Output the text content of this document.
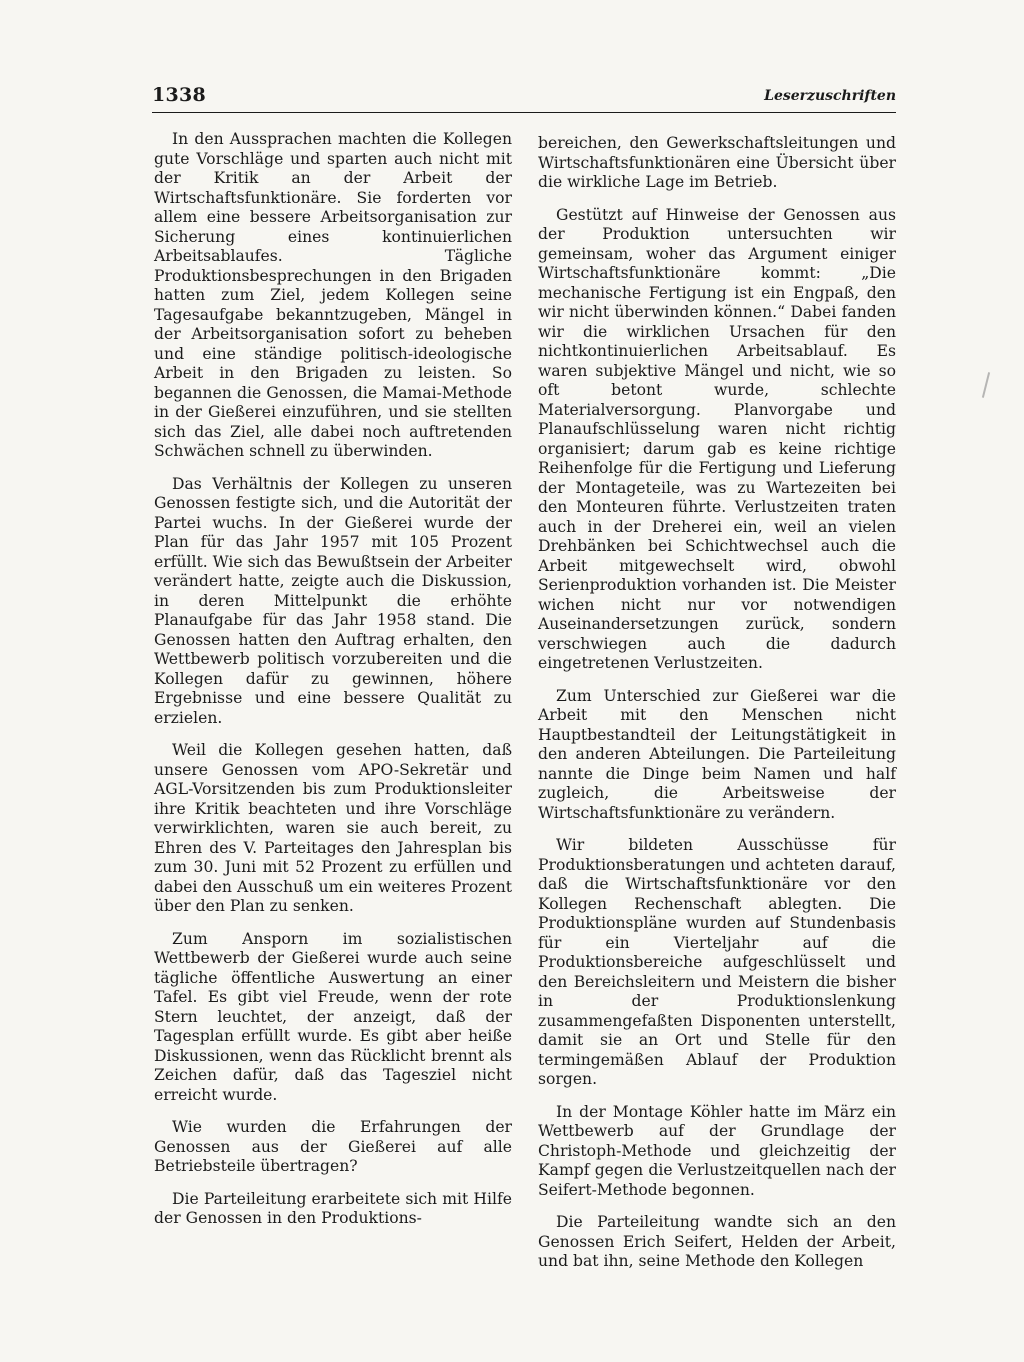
1338	Leserzuschriften

In den Aussprachen machten die Kollegen gute Vorschläge und sparten auch nicht mit der Kritik an der Arbeit der Wirtschaftsfunktionäre. Sie forderten vor allem eine bessere Arbeitsorganisation zur Sicherung eines kontinuierlichen Arbeitsablaufes. Tägliche Produktionsbesprechungen in den Brigaden hatten zum Ziel, jedem Kollegen seine Tagesaufgabe bekanntzugeben, Mängel in der Arbeitsorganisation sofort zu beheben und eine ständige politisch-ideologische Arbeit in den Brigaden zu leisten. So begannen die Genossen, die Mamai-Methode in der Gießerei einzuführen, und sie stellten sich das Ziel, alle dabei noch auftretenden Schwächen schnell zu überwinden.

Das Verhältnis der Kollegen zu unseren Genossen festigte sich, und die Autorität der Partei wuchs. In der Gießerei wurde der Plan für das Jahr 1957 mit 105 Prozent erfüllt. Wie sich das Bewußtsein der Arbeiter verändert hatte, zeigte auch die Diskussion, in deren Mittelpunkt die erhöhte Planaufgabe für das Jahr 1958 stand. Die Genossen hatten den Auftrag erhalten, den Wettbewerb politisch vorzubereiten und die Kollegen dafür zu gewinnen, höhere Ergebnisse und eine bessere Qualität zu erzielen.

Weil die Kollegen gesehen hatten, daß unsere Genossen vom APO-Sekretär und AGL-Vorsitzenden bis zum Produktionsleiter ihre Kritik beachteten und ihre Vorschläge verwirklichten, waren sie auch bereit, zu Ehren des V. Parteitages den Jahresplan bis zum 30. Juni mit 52 Prozent zu erfüllen und dabei den Ausschuß um ein weiteres Prozent über den Plan zu senken.

Zum Ansporn im sozialistischen Wettbewerb der Gießerei wurde auch seine tägliche öffentliche Auswertung an einer Tafel. Es gibt viel Freude, wenn der rote Stern leuchtet, der anzeigt, daß der Tagesplan erfüllt wurde. Es gibt aber heiße Diskussionen, wenn das Rücklicht brennt als Zeichen dafür, daß das Tagesziel nicht erreicht wurde.

Wie wurden die Erfahrungen der Genossen aus der Gießerei auf alle Betriebsteile übertragen?

Die Parteileitung erarbeitete sich mit Hilfe der Genossen in den Produktions-

bereichen, den Gewerkschaftsleitungen und Wirtschaftsfunktionären eine Übersicht über die wirkliche Lage im Betrieb.

Gestützt auf Hinweise der Genossen aus der Produktion untersuchten wir gemeinsam, woher das Argument einiger Wirtschaftsfunktionäre kommt: „Die mechanische Fertigung ist ein Engpaß, den wir nicht überwinden können.“ Dabei fanden wir die wirklichen Ursachen für den nichtkontinuierlichen Arbeitsablauf. Es waren subjektive Mängel und nicht, wie so oft betont wurde, schlechte Materialversorgung. Planvorgabe und Planaufschlüsselung waren nicht richtig organisiert; darum gab es keine richtige Reihenfolge für die Fertigung und Lieferung der Montageteile, was zu Wartezeiten bei den Monteuren führte. Verlustzeiten traten auch in der Dreherei ein, weil an vielen Drehbänken bei Schichtwechsel auch die Arbeit mitgewechselt wird, obwohl Serienproduktion vorhanden ist. Die Meister wichen nicht nur vor notwendigen Auseinandersetzungen zurück, sondern verschwiegen auch die dadurch eingetretenen Verlustzeiten.

Zum Unterschied zur Gießerei war die Arbeit mit den Menschen nicht Hauptbestandteil der Leitungstätigkeit in den anderen Abteilungen. Die Parteileitung nannte die Dinge beim Namen und half zugleich, die Arbeitsweise der Wirtschaftsfunktionäre zu verändern.

Wir bildeten Ausschüsse für Produktionsberatungen und achteten darauf, daß die Wirtschaftsfunktionäre vor den Kollegen Rechenschaft ablegten. Die Produktionspläne wurden auf Stundenbasis für ein Vierteljahr auf die Produktionsbereiche aufgeschlüsselt und den Bereichsleitern und Meistern die bisher in der Produktionslenkung zusammengefaßten Disponenten unterstellt, damit sie an Ort und Stelle für den termingemäßen Ablauf der Produktion sorgen.

In der Montage Köhler hatte im März ein Wettbewerb auf der Grundlage der Christoph-Methode und gleichzeitig der Kampf gegen die Verlustzeitquellen nach der Seifert-Methode begonnen.

Die Parteileitung wandte sich an den Genossen Erich Seifert, Helden der Arbeit, und bat ihn, seine Methode den Kollegen
